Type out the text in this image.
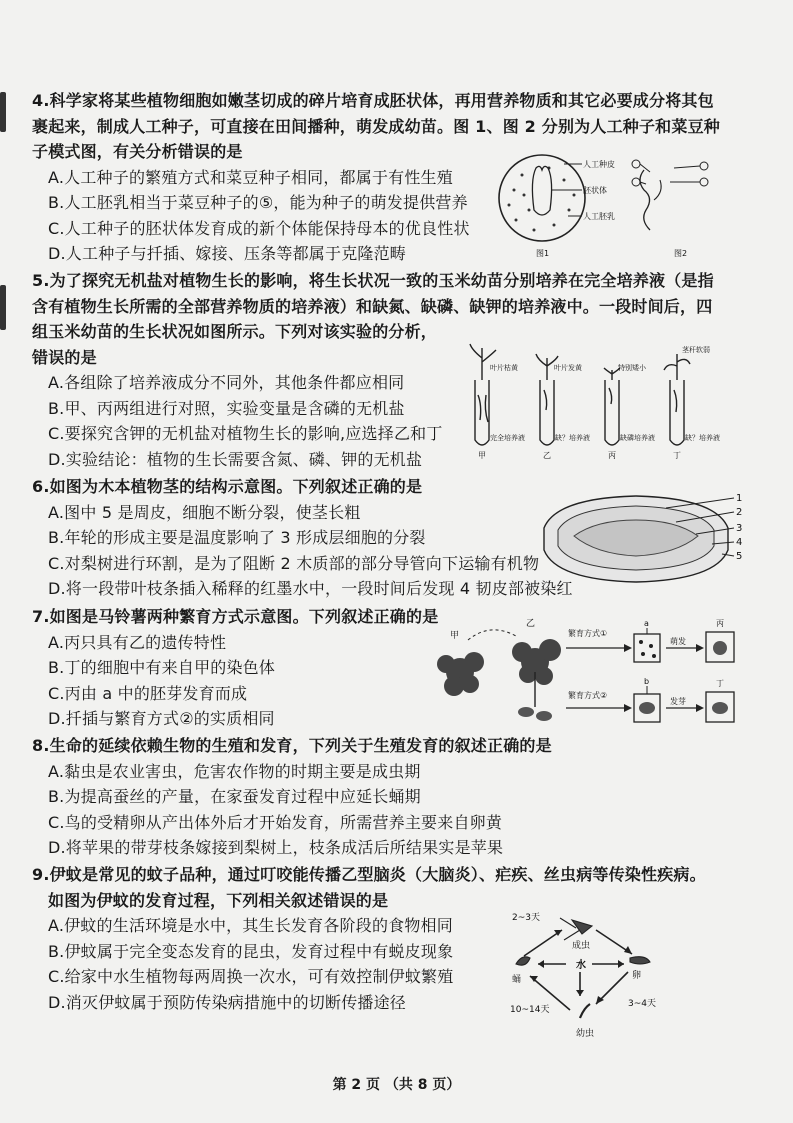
4.科学家将某些植物细胞如嫩茎切成的碎片培育成胚状体，再用营养物质和其它必要成分将其包
裹起来，制成人工种子，可直接在田间播种，萌发成幼苗。图 1、图 2 分别为人工种子和菜豆种
子模式图，有关分析错误的是
A.人工种子的繁殖方式和菜豆种子相同，都属于有性生殖
B.人工胚乳相当于菜豆种子的⑤，能为种子的萌发提供营养
C.人工种子的胚状体发育成的新个体能保持母本的优良性状
D.人工种子与扦插、嫁接、压条等都属于克隆范畴
人工种皮
胚状体
人工胚乳
图1	图2
5.为了探究无机盐对植物生长的影响，将生长状况一致的玉米幼苗分别培养在完全培养液（是指
含有植物生长所需的全部营养物质的培养液）和缺氮、缺磷、缺钾的培养液中。一段时间后，四
组玉米幼苗的生长状况如图所示。下列对该实验的分析，
错误的是
A.各组除了培养液成分不同外，其他条件都应相同
B.甲、丙两组进行对照，实验变量是含磷的无机盐
C.要探究含钾的无机盐对植物生长的影响,应选择乙和丁
D.实验结论：植物的生长需要含氮、磷、钾的无机盐
叶片枯黄	叶片发黄	特别矮小
茎秆软弱
完全培养液	缺？培养液	缺磷培养液	缺？培养液
甲	乙	丙	丁
6.如图为木本植物茎的结构示意图。下列叙述正确的是
A.图中 5 是周皮，细胞不断分裂，使茎长粗
B.年轮的形成主要是温度影响了 3 形成层细胞的分裂
C.对梨树进行环割，是为了阻断 2 木质部的部分导管向下运输有机物
D.将一段带叶枝条插入稀释的红墨水中，一段时间后发现 4 韧皮部被染红
1
2
3
4
5
7.如图是马铃薯两种繁育方式示意图。下列叙述正确的是
A.丙只具有乙的遗传特性
B.丁的细胞中有来自甲的染色体
C.丙由 a 中的胚芽发育而成
D.扦插与繁育方式②的实质相同
甲
乙
繁育方式①
a
萌发
丙
繁育方式②
b
发芽
丁
8.生命的延续依赖生物的生殖和发育，下列关于生殖发育的叙述正确的是
A.黏虫是农业害虫，危害农作物的时期主要是成虫期
B.为提高蚕丝的产量，在家蚕发育过程中应延长蛹期
C.鸟的受精卵从产出体外后才开始发育，所需营养主要来自卵黄
D.将苹果的带芽枝条嫁接到梨树上，枝条成活后所结果实是苹果
9.伊蚊是常见的蚊子品种，通过叮咬能传播乙型脑炎（大脑炎）、疟疾、丝虫病等传染性疾病。
如图为伊蚊的发育过程，下列相关叙述错误的是
A.伊蚊的生活环境是水中，其生长发育各阶段的食物相同
B.伊蚊属于完全变态发育的昆虫，发育过程中有蜕皮现象
C.给家中水生植物每两周换一次水，可有效控制伊蚊繁殖
D.消灭伊蚊属于预防传染病措施中的切断传播途径
成虫
卵
幼虫
蛹
水
2~3天
3~4天
10~14天
第 2 页 （共 8 页）
